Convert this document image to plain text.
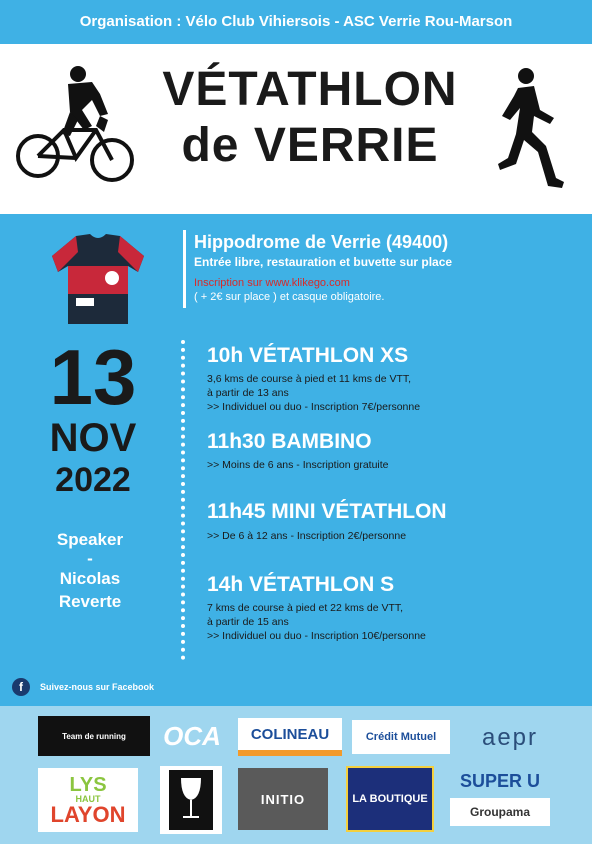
Organisation : Vélo Club Vihiersois - ASC Verrie Rou-Marson
VÉTATHLON
de VERRIE
Hippodrome de Verrie (49400)
Entrée libre, restauration et buvette sur place
Inscription sur www.klikego.com
( + 2€ sur place ) et casque obligatoire.
13
NOV
2022
Speaker
-
Nicolas
Reverte
10h VÉTATHLON XS
3,6 kms de course à pied et 11 kms de VTT,
à partir de 13 ans
>> Individuel ou duo - Inscription 7€/personne
11h30 BAMBINO
>> Moins de 6 ans - Inscription gratuite
11h45 MINI VÉTATHLON
>> De 6 à 12 ans - Inscription 2€/personne
14h VÉTATHLON S
7 kms de course à pied et 22 kms de VTT,
à partir de 15 ans
>> Individuel ou duo - Inscription 10€/personne
f	Suivez-nous sur Facebook
Team de running OCA COLINEAU	Crédit Mutuel aepr
LYS
HAUT
LAYON
INITIO	LA BOUTIQUE
SUPER U
Groupama
